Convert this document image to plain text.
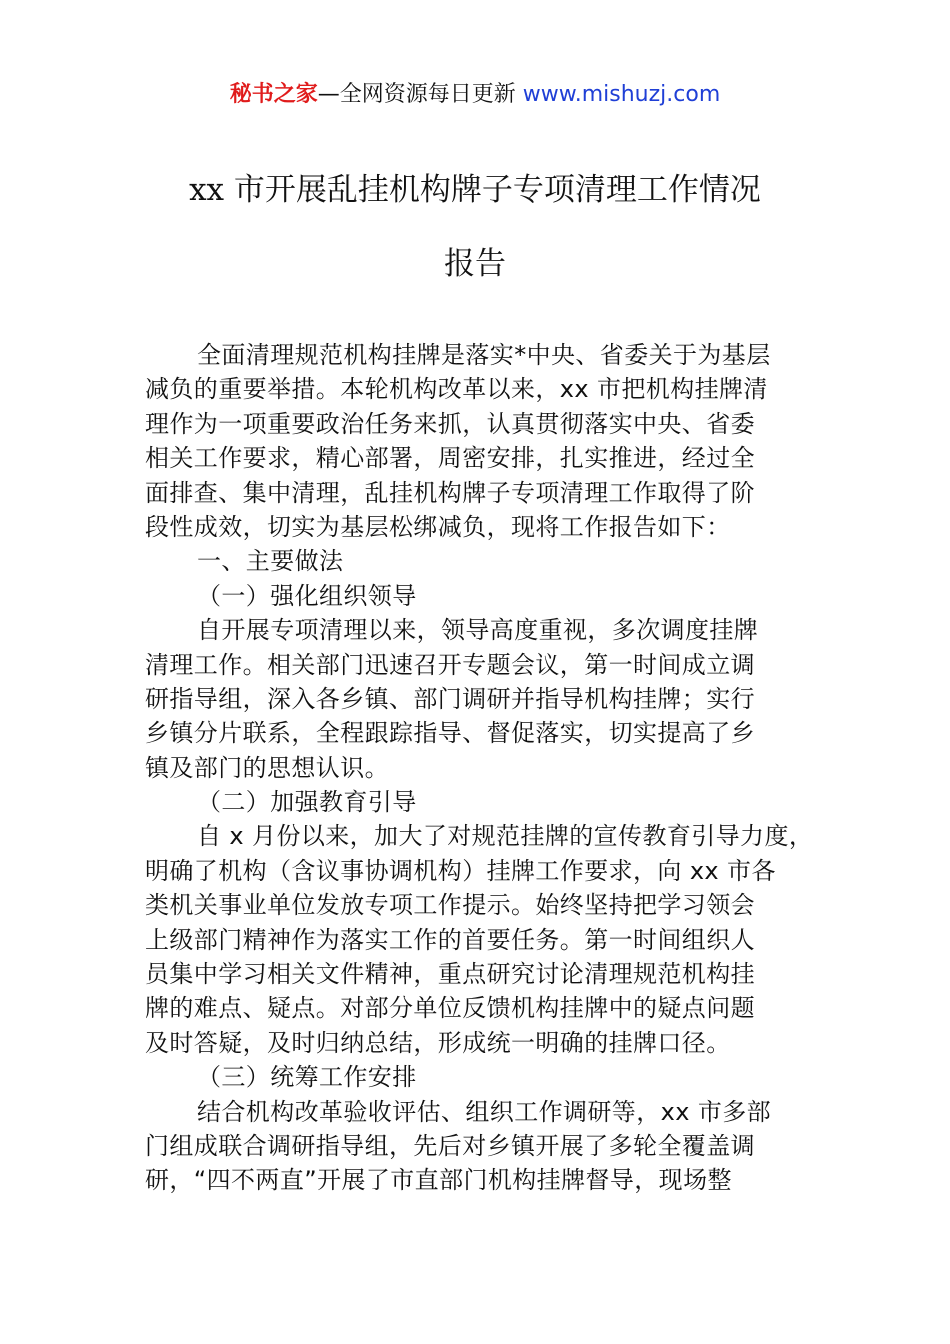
秘书之家—全网资源每日更新 www.mishuzj.com
xx 市开展乱挂机构牌子专项清理工作情况
报告
全面清理规范机构挂牌是落实*中央、省委关于为基层
减负的重要举措。本轮机构改革以来，xx 市把机构挂牌清
理作为一项重要政治任务来抓，认真贯彻落实中央、省委
相关工作要求，精心部署，周密安排，扎实推进，经过全
面排查、集中清理，乱挂机构牌子专项清理工作取得了阶
段性成效，切实为基层松绑减负，现将工作报告如下：
一、主要做法
（一）强化组织领导
自开展专项清理以来，领导高度重视，多次调度挂牌
清理工作。相关部门迅速召开专题会议，第一时间成立调
研指导组，深入各乡镇、部门调研并指导机构挂牌；实行
乡镇分片联系，全程跟踪指导、督促落实，切实提高了乡
镇及部门的思想认识。
（二）加强教育引导
自 x 月份以来，加大了对规范挂牌的宣传教育引导力度，
明确了机构（含议事协调机构）挂牌工作要求，向 xx 市各
类机关事业单位发放专项工作提示。始终坚持把学习领会
上级部门精神作为落实工作的首要任务。第一时间组织人
员集中学习相关文件精神，重点研究讨论清理规范机构挂
牌的难点、疑点。对部分单位反馈机构挂牌中的疑点问题
及时答疑，及时归纳总结，形成统一明确的挂牌口径。
（三）统筹工作安排
结合机构改革验收评估、组织工作调研等，xx 市多部
门组成联合调研指导组，先后对乡镇开展了多轮全覆盖调
研，“四不两直”开展了市直部门机构挂牌督导，现场整
